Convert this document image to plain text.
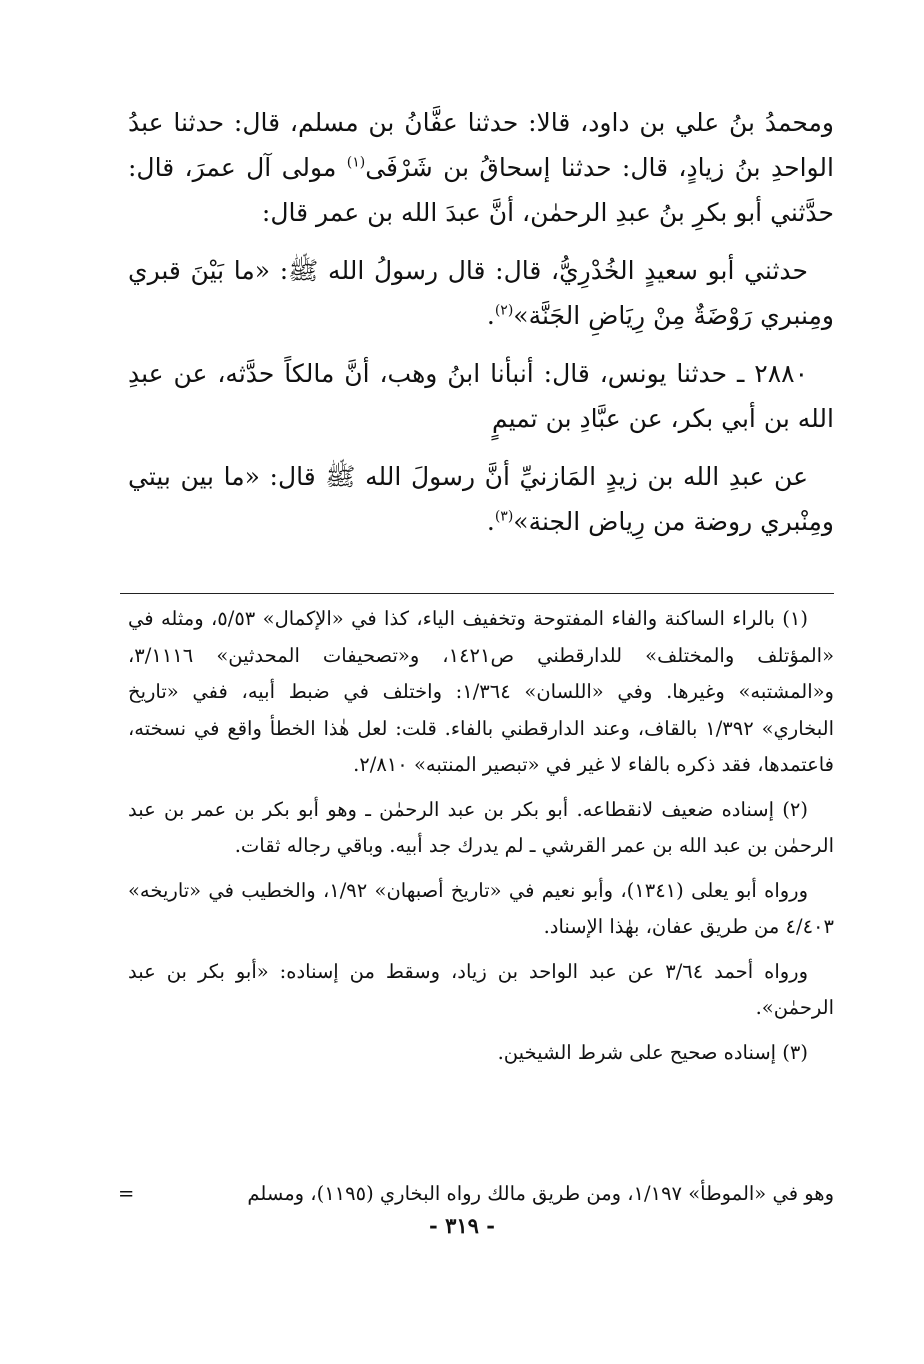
ومحمدُ بنُ علي بن داود، قالا: حدثنا عفَّانُ بن مسلم، قال: حدثنا عبدُ الواحدِ بنُ زيادٍ، قال: حدثنا إسحاقُ بن شَرْفَى$^{(١)}$ مولى آل عمرَ، قال: حدَّثني أبو بكرِ بنُ عبدِ الرحمٰن، أنَّ عبدَ الله بن عمر قال:

حدثني أبو سعيدٍ الخُدْرِيُّ، قال: قال رسولُ الله ﷺ: «ما بَيْنَ قبري ومِنبري رَوْضَةٌ مِنْ رِيَاضِ الجَنَّة»$^{(٢)}$.

٢٨٨٠ ـ حدثنا يونس، قال: أنبأنا ابنُ وهب، أنَّ مالكاً حدَّثه، عن عبدِ الله بن أبي بكر، عن عبَّادِ بن تميمٍ

عن عبدِ الله بن زيدٍ المَازنيِّ أنَّ رسولَ الله ﷺ قال: «ما بين بيتي ومِنْبري روضة من رِياض الجنة»$^{(٣)}$.

(١) بالراء الساكنة والفاء المفتوحة وتخفيف الياء، كذا في «الإكمال» ٥/٥٣، ومثله في «المؤتلف والمختلف» للدارقطني ص١٤٢١، و«تصحيفات المحدثين» ٣/١١١٦، و«المشتبه» وغيرها. وفي «اللسان» ١/٣٦٤: واختلف في ضبط أبيه، ففي «تاريخ البخاري» ١/٣٩٢ بالقاف، وعند الدارقطني بالفاء. قلت: لعل هٰذا الخطأ واقع في نسخته، فاعتمدها، فقد ذكره بالفاء لا غير في «تبصير المنتبه» ٢/٨١٠.

(٢) إسناده ضعيف لانقطاعه. أبو بكر بن عبد الرحمٰن ـ وهو أبو بكر بن عمر بن عبد الرحمٰن بن عبد الله بن عمر القرشي ـ لم يدرك جد أبيه. وباقي رجاله ثقات.

ورواه أبو يعلى (١٣٤١)، وأبو نعيم في «تاريخ أصبهان» ١/٩٢، والخطيب في «تاريخه» ٤/٤٠٣ من طريق عفان، بهٰذا الإسناد.

ورواه أحمد ٣/٦٤ عن عبد الواحد بن زياد، وسقط من إسناده: «أبو بكر بن عبد الرحمٰن».

(٣) إسناده صحيح على شرط الشيخين.

وهو في «الموطأ» ١/١٩٧، ومن طريق مالك رواه البخاري (١١٩٥)، ومسلم
=
- ٣١٩ -
